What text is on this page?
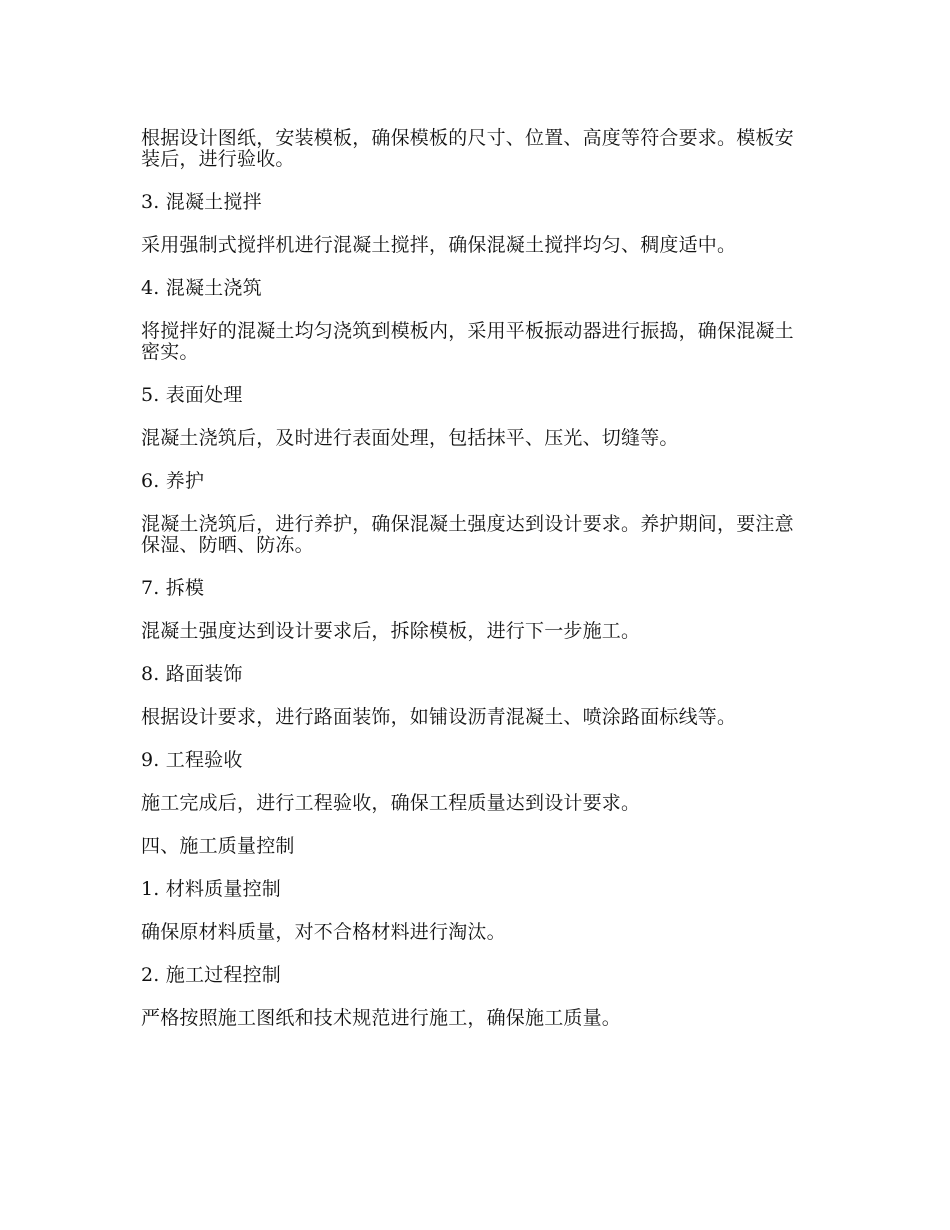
根据设计图纸，安装模板，确保模板的尺寸、位置、高度等符合要求。模板安装后，进行验收。

3. 混凝土搅拌

采用强制式搅拌机进行混凝土搅拌，确保混凝土搅拌均匀、稠度适中。

4. 混凝土浇筑

将搅拌好的混凝土均匀浇筑到模板内，采用平板振动器进行振捣，确保混凝土密实。

5. 表面处理

混凝土浇筑后，及时进行表面处理，包括抹平、压光、切缝等。

6. 养护

混凝土浇筑后，进行养护，确保混凝土强度达到设计要求。养护期间，要注意保湿、防晒、防冻。

7. 拆模

混凝土强度达到设计要求后，拆除模板，进行下一步施工。

8. 路面装饰

根据设计要求，进行路面装饰，如铺设沥青混凝土、喷涂路面标线等。

9. 工程验收

施工完成后，进行工程验收，确保工程质量达到设计要求。

四、施工质量控制

1. 材料质量控制

确保原材料质量，对不合格材料进行淘汰。

2. 施工过程控制

严格按照施工图纸和技术规范进行施工，确保施工质量。
